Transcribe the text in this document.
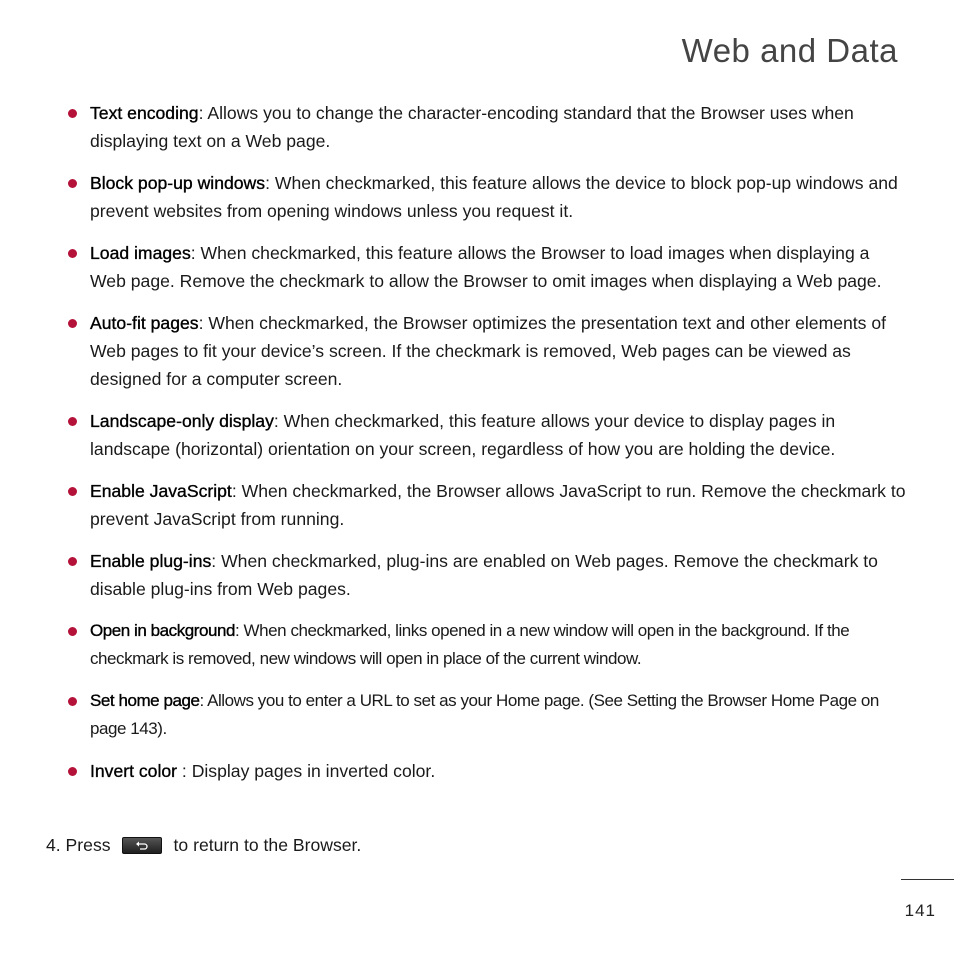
Web and Data
Text encoding: Allows you to change the character-encoding standard that the Browser uses when displaying text on a Web page.
Block pop-up windows: When checkmarked, this feature allows the device to block pop-up windows and prevent websites from opening windows unless you request it.
Load images: When checkmarked, this feature allows the Browser to load images when displaying a Web page. Remove the checkmark to allow the Browser to omit images when displaying a Web page.
Auto-fit pages: When checkmarked, the Browser optimizes the presentation text and other elements of Web pages to fit your device’s screen. If the checkmark is removed, Web pages can be viewed as designed for a computer screen.
Landscape-only display: When checkmarked, this feature allows your device to display pages in landscape (horizontal) orientation on your screen, regardless of how you are holding the device.
Enable JavaScript: When checkmarked, the Browser allows JavaScript to run. Remove the checkmark to prevent JavaScript from running.
Enable plug-ins: When checkmarked, plug-ins are enabled on Web pages. Remove the checkmark to disable plug-ins from Web pages.
Open in background: When checkmarked, links opened in a new window will open in the background. If the checkmark is removed, new windows will open in place of the current window.
Set home page: Allows you to enter a URL to set as your Home page. (See Setting the Browser Home Page on page 143).
Invert color : Display pages in inverted color.
4. Press	to return to the Browser.
141
